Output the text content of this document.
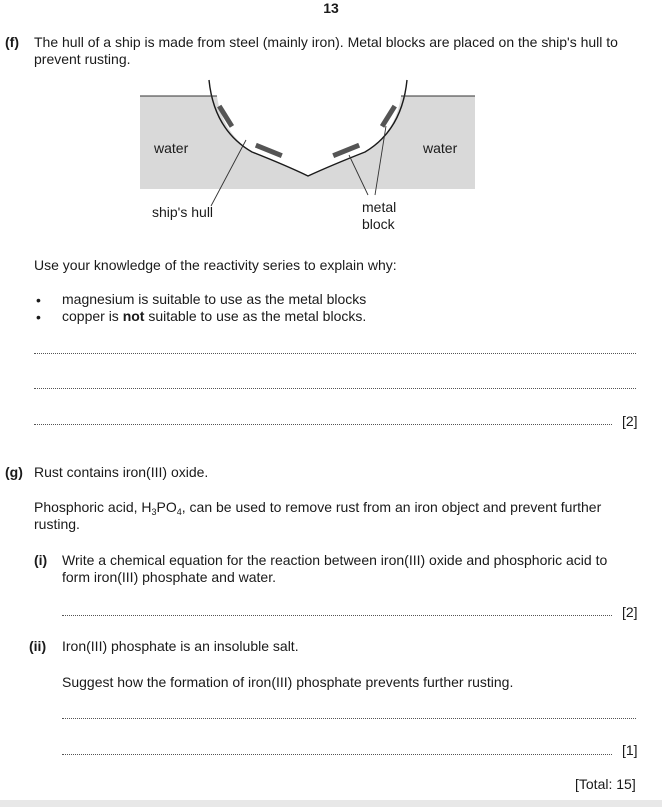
13
(f) The hull of a ship is made from steel (mainly iron). Metal blocks are placed on the ship's hull to
prevent rusting.
water	water
ship's hull	metal
block
Use your knowledge of the reactivity series to explain why:
• magnesium is suitable to use as the metal blocks
• copper is not suitable to use as the metal blocks.
[2]
(g) Rust contains iron(III) oxide.
Phosphoric acid, $H_3PO_4$, can be used to remove rust from an iron object and prevent further
rusting.
(i) Write a chemical equation for the reaction between iron(III) oxide and phosphoric acid to
form iron(III) phosphate and water.
[2]
(ii) Iron(III) phosphate is an insoluble salt.
Suggest how the formation of iron(III) phosphate prevents further rusting.
[1]
[Total: 15]
